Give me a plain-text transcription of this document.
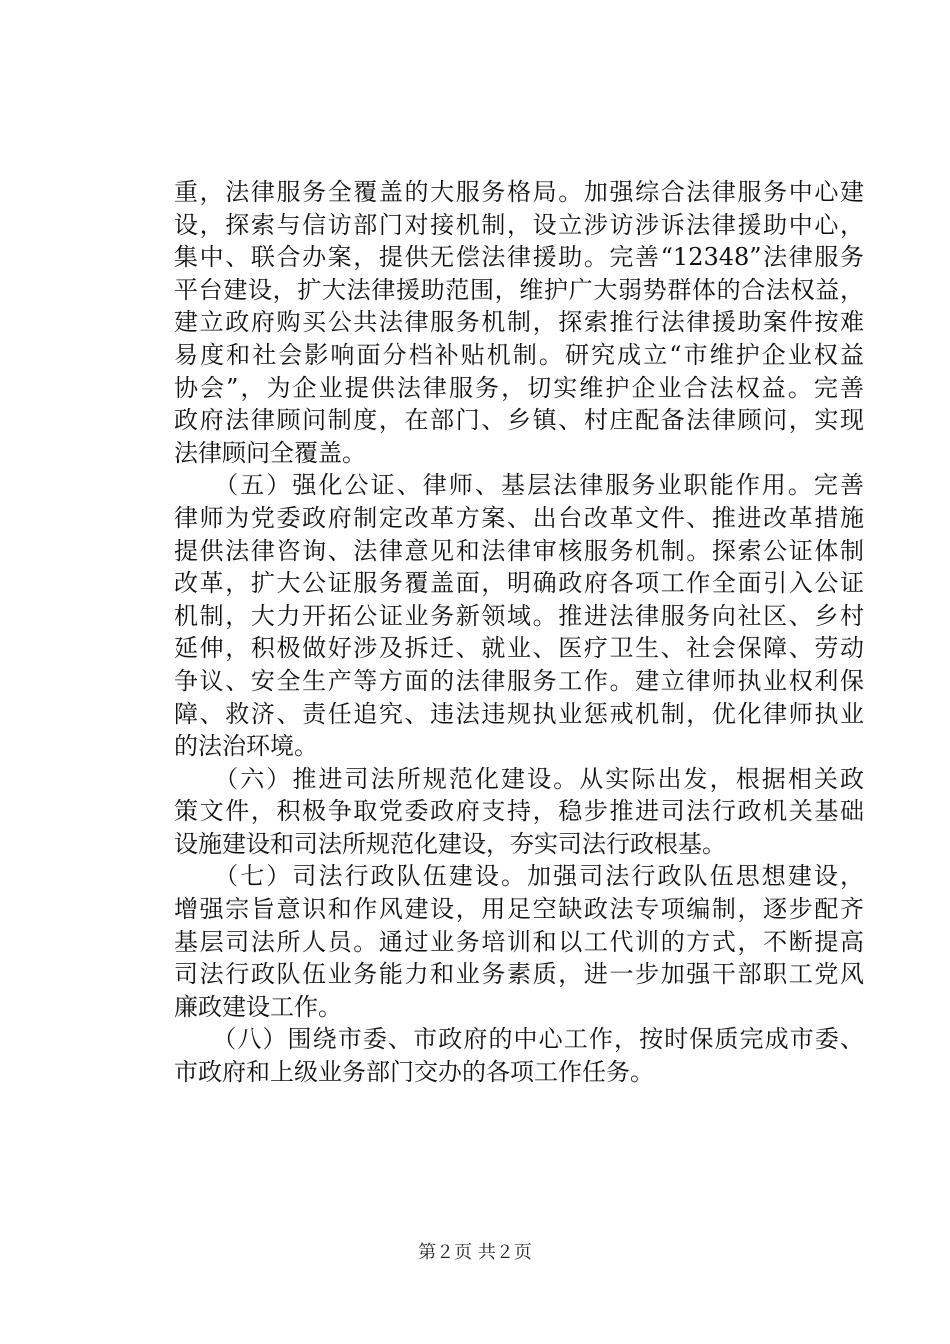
重，法律服务全覆盖的大服务格局。加强综合法律服务中心建
设，探索与信访部门对接机制，设立涉访涉诉法律援助中心，
集中、联合办案，提供无偿法律援助。完善“12348”法律服务
平台建设，扩大法律援助范围，维护广大弱势群体的合法权益，
建立政府购买公共法律服务机制，探索推行法律援助案件按难
易度和社会影响面分档补贴机制。研究成立“市维护企业权益
协会”，为企业提供法律服务，切实维护企业合法权益。完善
政府法律顾问制度，在部门、乡镇、村庄配备法律顾问，实现
法律顾问全覆盖。
　　（五）强化公证、律师、基层法律服务业职能作用。完善
律师为党委政府制定改革方案、出台改革文件、推进改革措施
提供法律咨询、法律意见和法律审核服务机制。探索公证体制
改革，扩大公证服务覆盖面，明确政府各项工作全面引入公证
机制，大力开拓公证业务新领域。推进法律服务向社区、乡村
延伸，积极做好涉及拆迁、就业、医疗卫生、社会保障、劳动
争议、安全生产等方面的法律服务工作。建立律师执业权利保
障、救济、责任追究、违法违规执业惩戒机制，优化律师执业
的法治环境。
　　（六）推进司法所规范化建设。从实际出发，根据相关政
策文件，积极争取党委政府支持，稳步推进司法行政机关基础
设施建设和司法所规范化建设，夯实司法行政根基。
　　（七）司法行政队伍建设。加强司法行政队伍思想建设，
增强宗旨意识和作风建设，用足空缺政法专项编制，逐步配齐
基层司法所人员。通过业务培训和以工代训的方式，不断提高
司法行政队伍业务能力和业务素质，进一步加强干部职工党风
廉政建设工作。
　　（八）围绕市委、市政府的中心工作，按时保质完成市委、
市政府和上级业务部门交办的各项工作任务。
第２页 共２页
